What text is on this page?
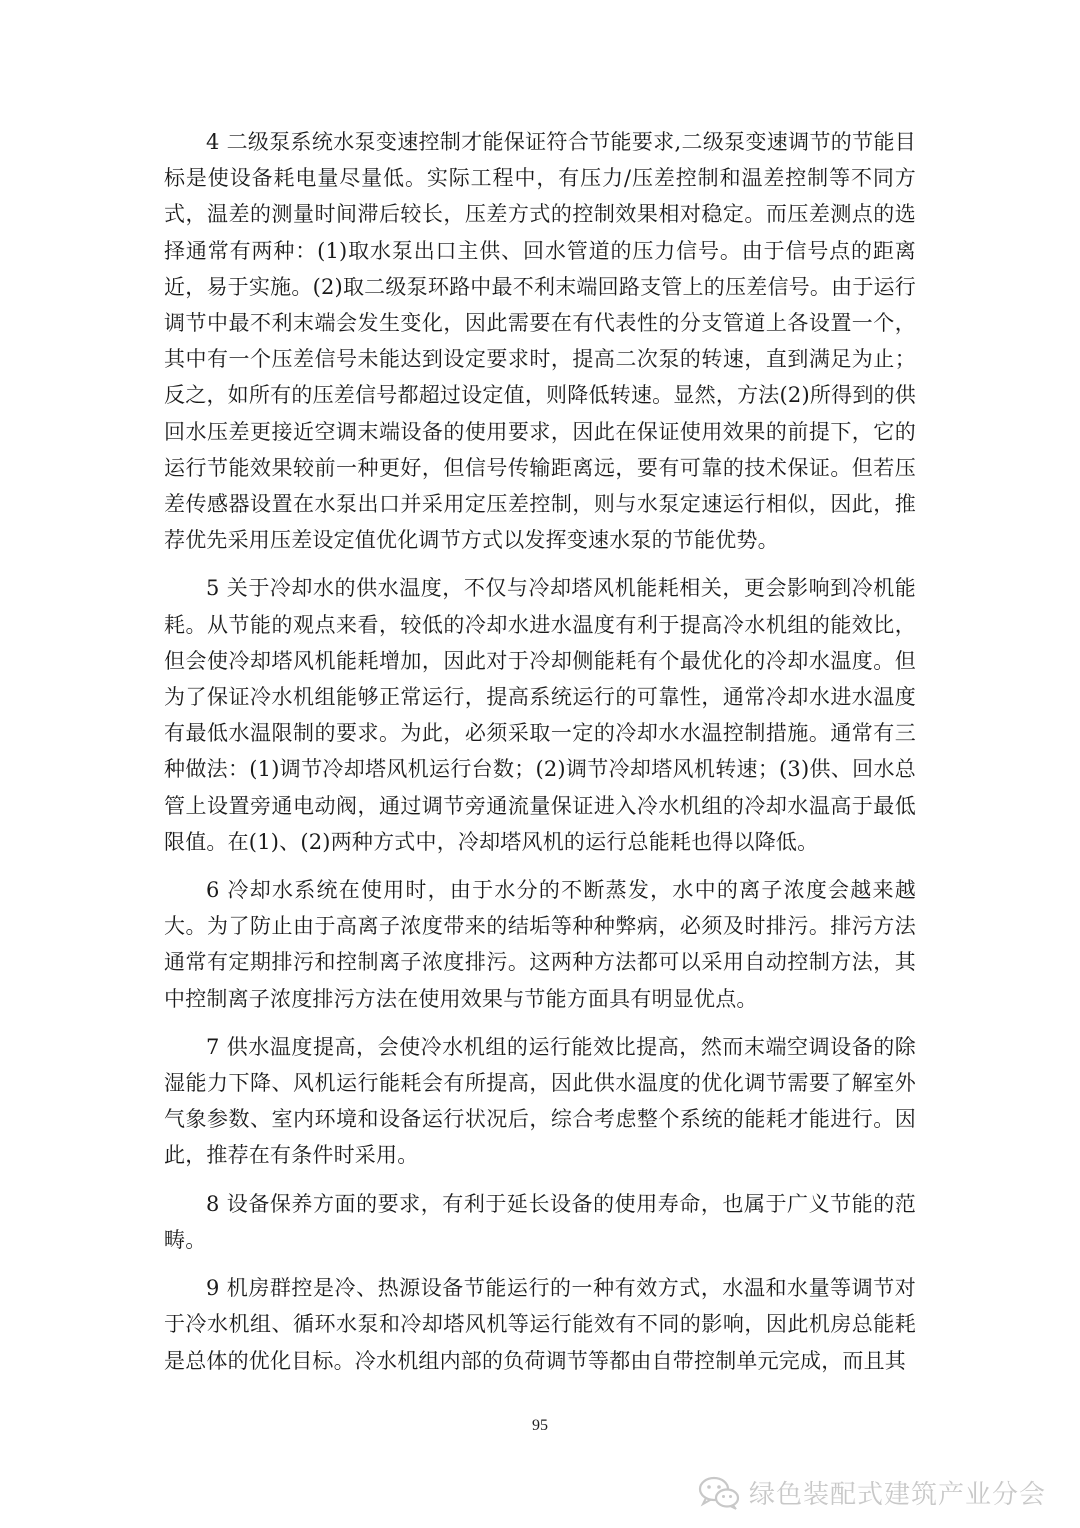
4 二级泵系统水泵变速控制才能保证符合节能要求,二级泵变速调节的节能目标是使设备耗电量尽量低。实际工程中，有压力/压差控制和温差控制等不同方式，温差的测量时间滞后较长，压差方式的控制效果相对稳定。而压差测点的选择通常有两种：(1)取水泵出口主供、回水管道的压力信号。由于信号点的距离近，易于实施。(2)取二级泵环路中最不利末端回路支管上的压差信号。由于运行调节中最不利末端会发生变化，因此需要在有代表性的分支管道上各设置一个，其中有一个压差信号未能达到设定要求时，提高二次泵的转速，直到满足为止；反之，如所有的压差信号都超过设定值，则降低转速。显然，方法(2)所得到的供回水压差更接近空调末端设备的使用要求，因此在保证使用效果的前提下，它的运行节能效果较前一种更好，但信号传输距离远，要有可靠的技术保证。但若压差传感器设置在水泵出口并采用定压差控制，则与水泵定速运行相似，因此，推荐优先采用压差设定值优化调节方式以发挥变速水泵的节能优势。

5 关于冷却水的供水温度，不仅与冷却塔风机能耗相关，更会影响到冷机能耗。从节能的观点来看，较低的冷却水进水温度有利于提高冷水机组的能效比，但会使冷却塔风机能耗增加，因此对于冷却侧能耗有个最优化的冷却水温度。但为了保证冷水机组能够正常运行，提高系统运行的可靠性，通常冷却水进水温度有最低水温限制的要求。为此，必须采取一定的冷却水水温控制措施。通常有三种做法：(1)调节冷却塔风机运行台数；(2)调节冷却塔风机转速；(3)供、回水总管上设置旁通电动阀，通过调节旁通流量保证进入冷水机组的冷却水温高于最低限值。在(1)、(2)两种方式中，冷却塔风机的运行总能耗也得以降低。

6 冷却水系统在使用时，由于水分的不断蒸发，水中的离子浓度会越来越大。为了防止由于高离子浓度带来的结垢等种种弊病，必须及时排污。排污方法通常有定期排污和控制离子浓度排污。这两种方法都可以采用自动控制方法，其中控制离子浓度排污方法在使用效果与节能方面具有明显优点。

7 供水温度提高，会使冷水机组的运行能效比提高，然而末端空调设备的除湿能力下降、风机运行能耗会有所提高，因此供水温度的优化调节需要了解室外气象参数、室内环境和设备运行状况后，综合考虑整个系统的能耗才能进行。因此，推荐在有条件时采用。

8 设备保养方面的要求，有利于延长设备的使用寿命，也属于广义节能的范畴。

9 机房群控是冷、热源设备节能运行的一种有效方式，水温和水量等调节对于冷水机组、循环水泵和冷却塔风机等运行能效有不同的影响，因此机房总能耗是总体的优化目标。冷水机组内部的负荷调节等都由自带控制单元完成，而且其

95
绿色装配式建筑产业分会
